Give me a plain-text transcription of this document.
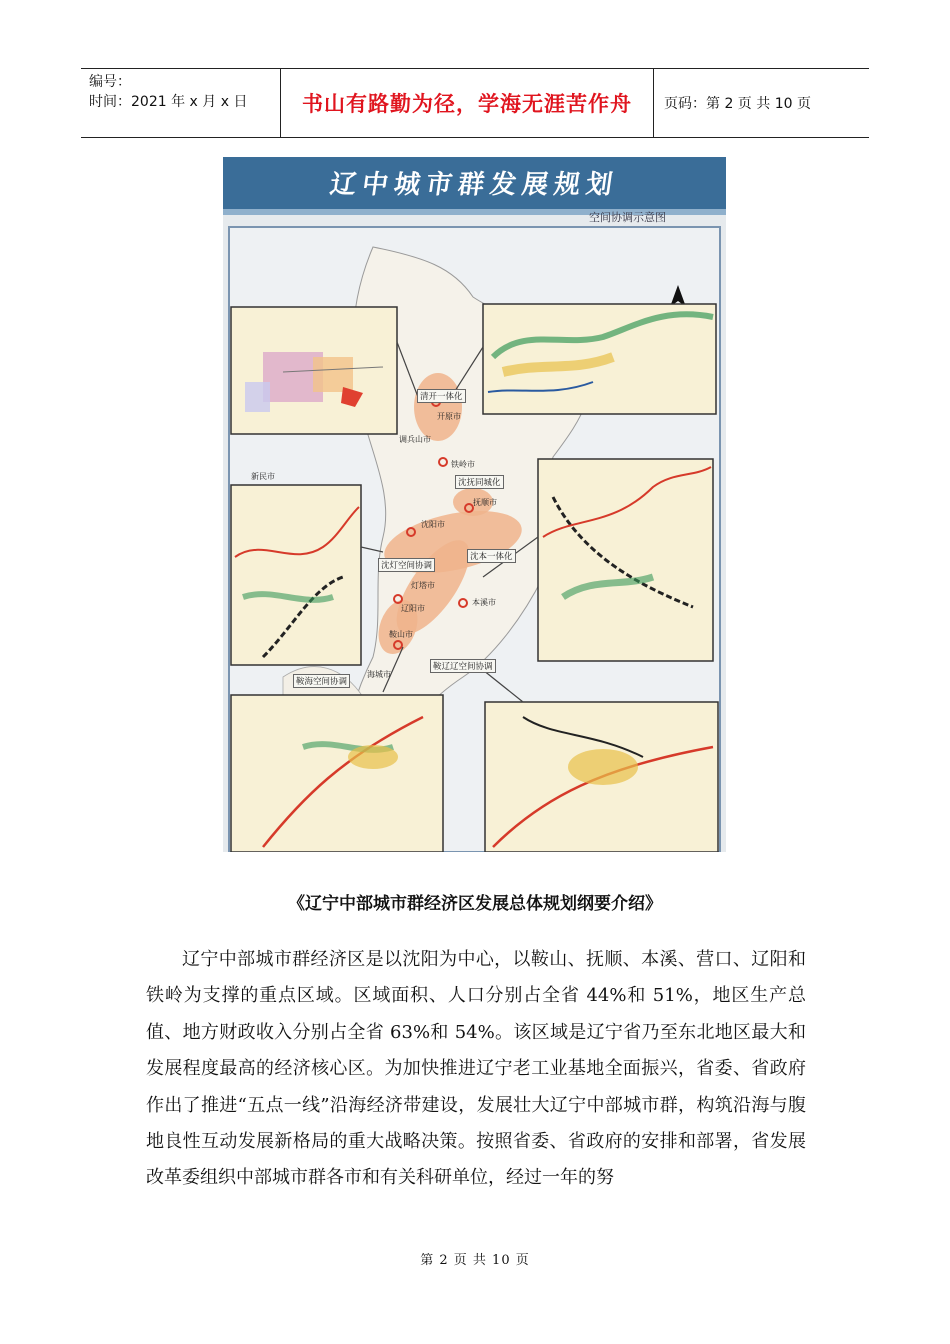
编号：
时间：2021 年 x 月 x 日	书山有路勤为径，学海无涯苦作舟	页码：第 2 页 共 10 页
辽中城市群发展规划
空间协调示意图
清开一体化
沈抚同城化
沈本一体化
沈灯空间协调
鞍海空间协调
鞍辽辽空间协调
沈阳市
抚顺市
本溪市
铁岭市
辽阳市
鞍山市
灯塔市
海城市
开原市
调兵山市
新民市
《辽宁中部城市群经济区发展总体规划纲要介绍》
辽宁中部城市群经济区是以沈阳为中心，以鞍山、抚顺、本溪、营口、辽阳和铁岭为支撑的重点区域。区域面积、人口分别占全省 44%和 51%，地区生产总值、地方财政收入分别占全省 63%和 54%。该区域是辽宁省乃至东北地区最大和发展程度最高的经济核心区。为加快推进辽宁老工业基地全面振兴，省委、省政府作出了推进“五点一线”沿海经济带建设，发展壮大辽宁中部城市群，构筑沿海与腹地良性互动发展新格局的重大战略决策。按照省委、省政府的安排和部署，省发展改革委组织中部城市群各市和有关科研单位，经过一年的努
第 2 页 共 10 页
